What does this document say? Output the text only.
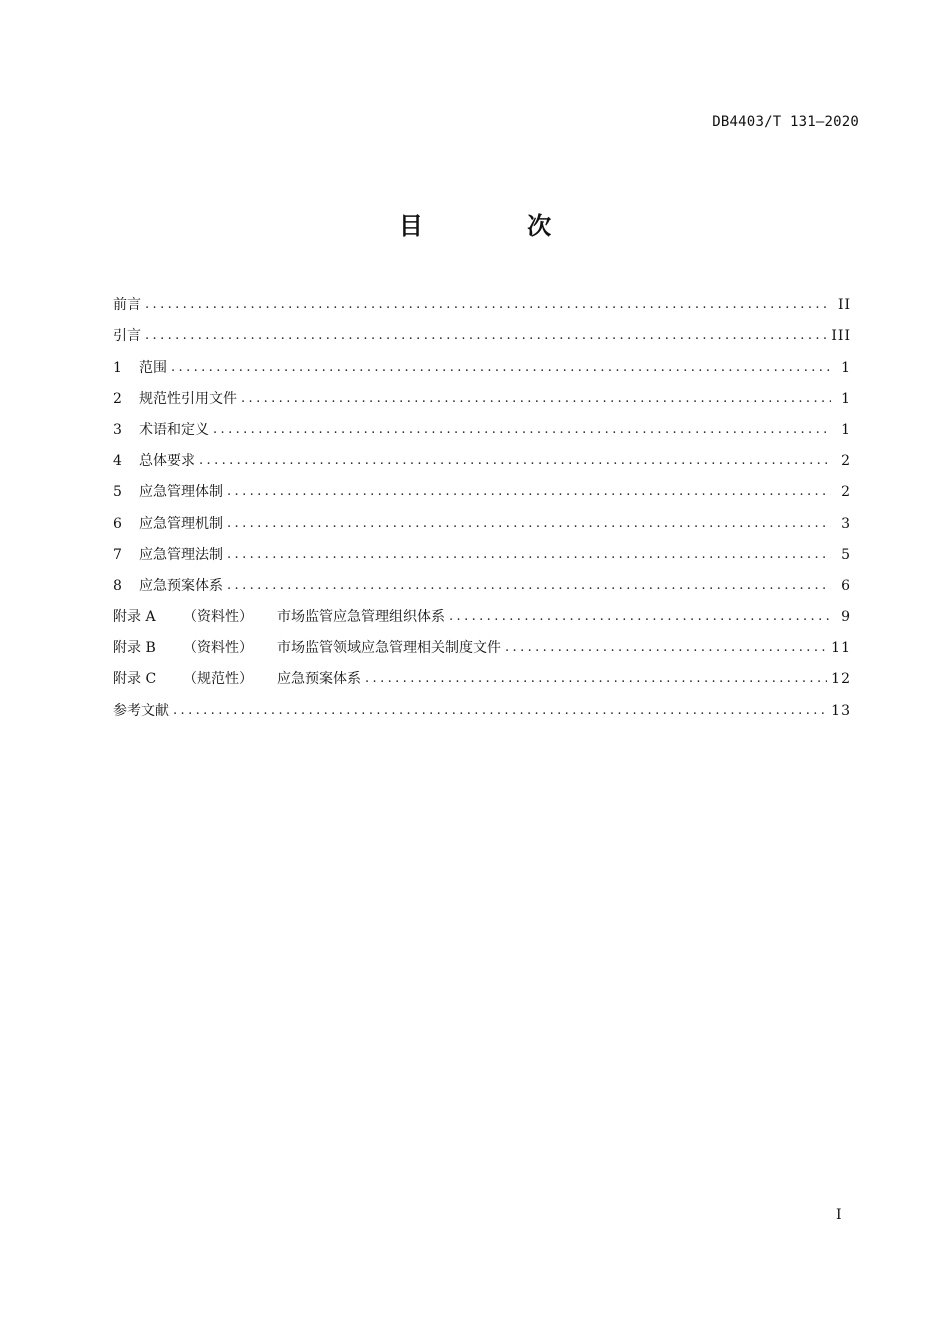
DB4403/T 131—2020
目 次
前言 .....	II
引言 .....	III
1	范围 .....	1
2	规范性引用文件 .....	1
3	术语和定义 .....	1
4	总体要求 .....	2
5	应急管理体制 .....	2
6	应急管理机制 .....	3
7	应急管理法制 .....	5
8	应急预案体系 .....	6
附录 A	（资料性）	市场监管应急管理组织体系 .....	9
附录 B	（资料性）	市场监管领域应急管理相关制度文件 .....	11
附录 C	（规范性）	应急预案体系 .....	12
参考文献 .....	13
I
